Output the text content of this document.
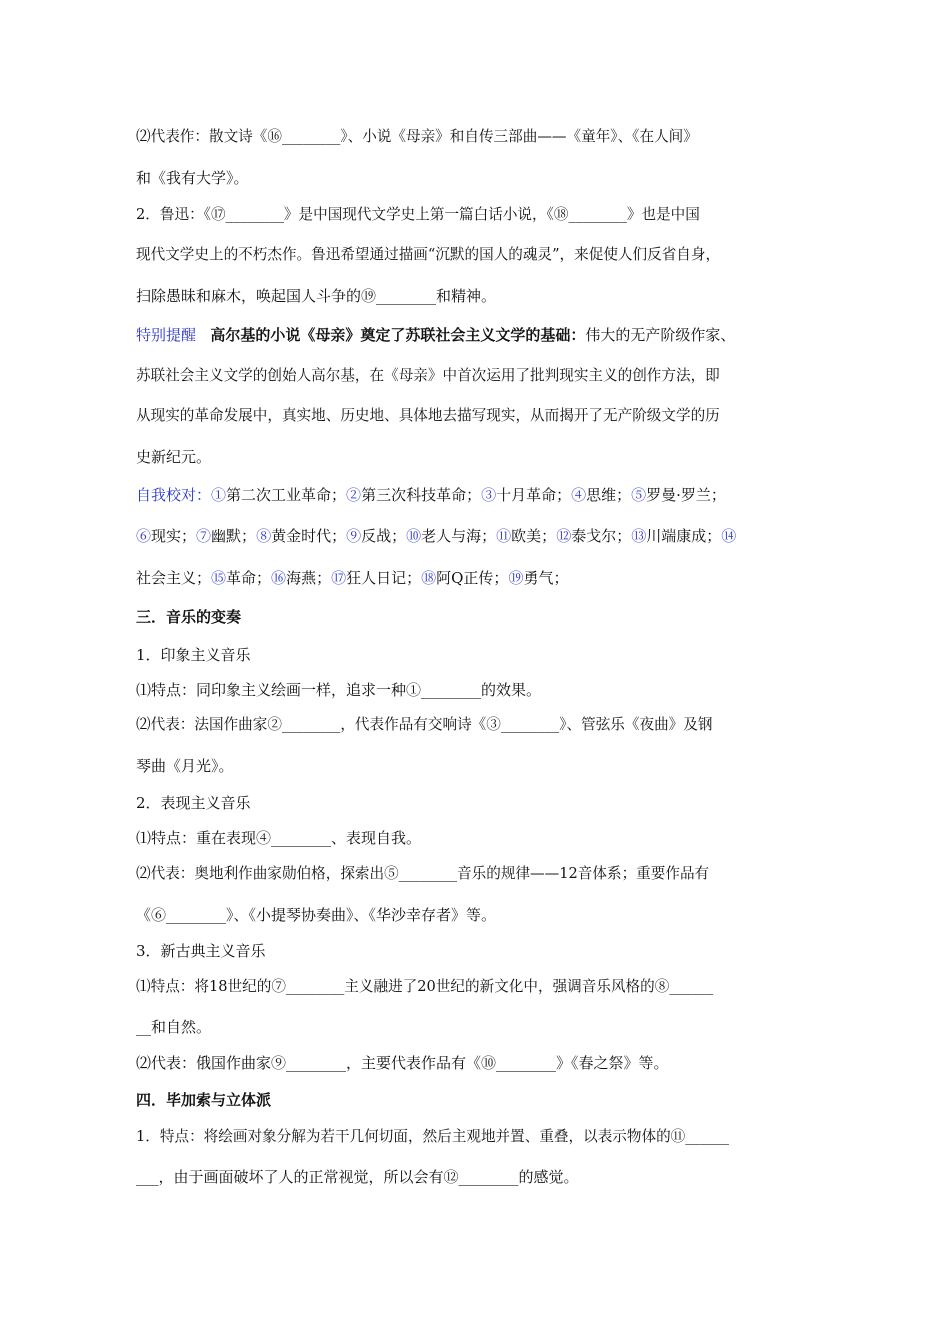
⑵代表作：散文诗《⑯________》、小说《母亲》和自传三部曲——《童年》、《在人间》
和《我有大学》。
2．鲁迅：《⑰________》是中国现代文学史上第一篇白话小说，《⑱________》也是中国
现代文学史上的不朽杰作。鲁迅希望通过描画“沉默的国人的魂灵”，来促使人们反省自身，
扫除愚昧和麻木，唤起国人斗争的⑲________和精神。
特别提醒 高尔基的小说《母亲》奠定了苏联社会主义文学的基础：伟大的无产阶级作家、
苏联社会主义文学的创始人高尔基，在《母亲》中首次运用了批判现实主义的创作方法，即
从现实的革命发展中，真实地、历史地、具体地去描写现实，从而揭开了无产阶级文学的历
史新纪元。
自我校对：①第二次工业革命；②第三次科技革命；③十月革命；④思维；⑤罗曼·罗兰；
⑥现实；⑦幽默；⑧黄金时代；⑨反战；⑩老人与海；⑪欧美；⑫泰戈尔；⑬川端康成；⑭
社会主义；⑮革命；⑯海燕；⑰狂人日记；⑱阿Q正传；⑲勇气；
三．音乐的变奏
1．印象主义音乐
⑴特点：同印象主义绘画一样，追求一种①________的效果。
⑵代表：法国作曲家②________，代表作品有交响诗《③________》、管弦乐《夜曲》及钢
琴曲《月光》。
2．表现主义音乐
⑴特点：重在表现④________、表现自我。
⑵代表：奥地利作曲家勋伯格，探索出⑤________音乐的规律——12音体系；重要作品有
《⑥________》、《小提琴协奏曲》、《华沙幸存者》等。
3．新古典主义音乐
⑴特点：将18世纪的⑦________主义融进了20世纪的新文化中，强调音乐风格的⑧______
__和自然。
⑵代表：俄国作曲家⑨________，主要代表作品有《⑩________》《春之祭》等。
四．毕加索与立体派
1．特点：将绘画对象分解为若干几何切面，然后主观地并置、重叠，以表示物体的⑪______
___，由于画面破坏了人的正常视觉，所以会有⑫________的感觉。
